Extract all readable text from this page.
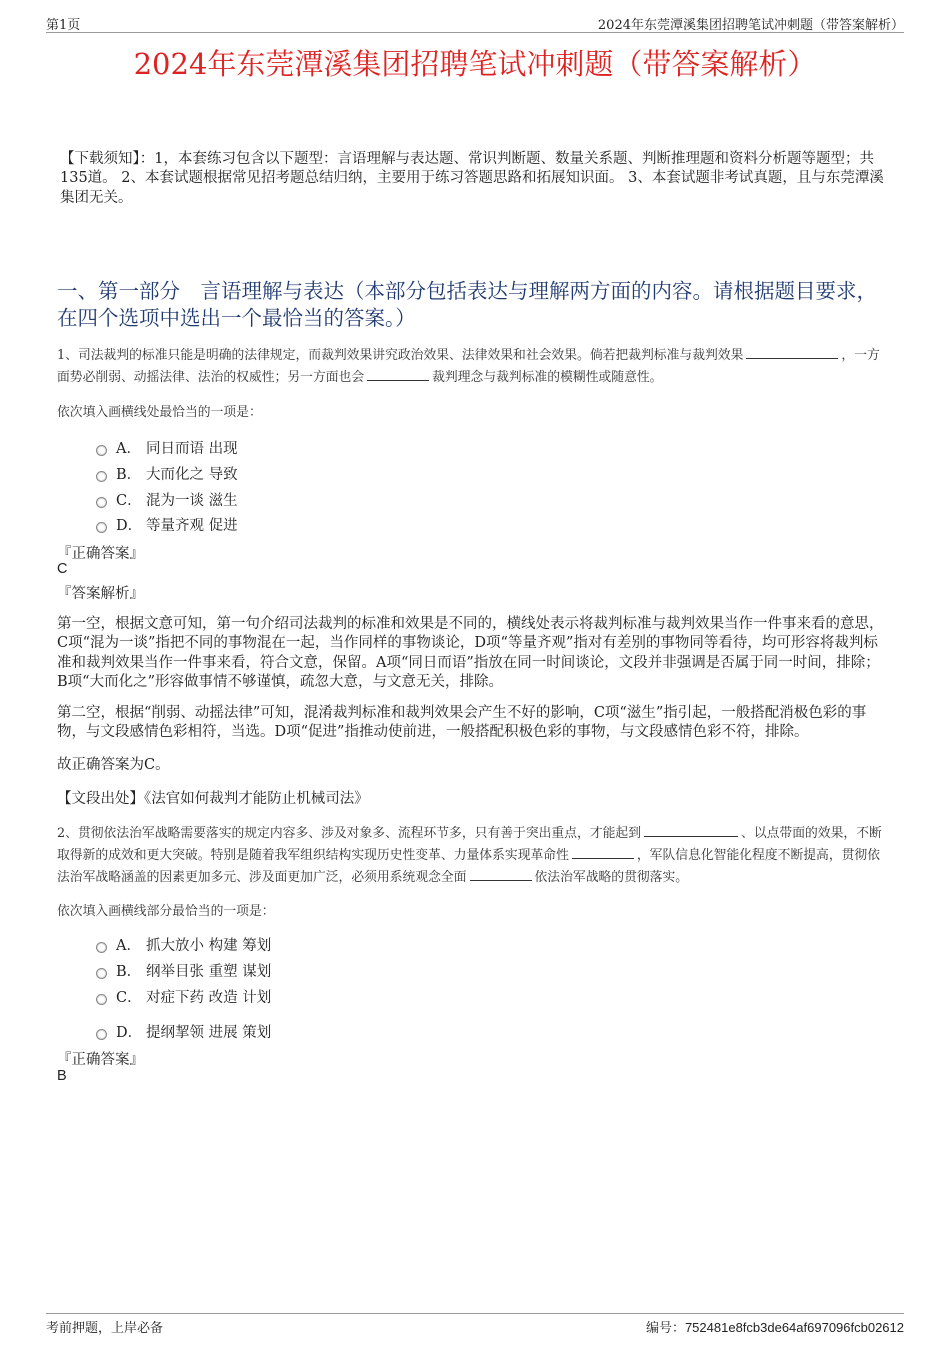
第1页	2024年东莞潭溪集团招聘笔试冲刺题（带答案解析）
2024年东莞潭溪集团招聘笔试冲刺题（带答案解析）
【下载须知】：1，本套练习包含以下题型：言语理解与表达题、常识判断题、数量关系题、判断推理题和资料分析题等题型；共135道。 2、本套试题根据常见招考题总结归纳，主要用于练习答题思路和拓展知识面。 3、本套试题非考试真题，且与东莞潭溪集团无关。
一、第一部分　言语理解与表达（本部分包括表达与理解两方面的内容。请根据题目要求，在四个选项中选出一个最恰当的答案。）
1、司法裁判的标准只能是明确的法律规定，而裁判效果讲究政治效果、法律效果和社会效果。倘若把裁判标准与裁判效果	，一方面势必削弱、动摇法律、法治的权威性；另一方面也会	裁判理念与裁判标准的模糊性或随意性。
依次填入画横线处最恰当的一项是：
A． 同日而语 出现
B． 大而化之 导致
C． 混为一谈 滋生
D． 等量齐观 促进
『正确答案』
C
『答案解析』
第一空，根据文意可知，第一句介绍司法裁判的标准和效果是不同的，横线处表示将裁判标准与裁判效果当作一件事来看的意思，C项“混为一谈”指把不同的事物混在一起，当作同样的事物谈论，D项“等量齐观”指对有差别的事物同等看待，均可形容将裁判标准和裁判效果当作一件事来看，符合文意，保留。A项“同日而语”指放在同一时间谈论，文段并非强调是否属于同一时间，排除；B项“大而化之”形容做事情不够谨慎，疏忽大意，与文意无关，排除。
第二空，根据“削弱、动摇法律”可知，混淆裁判标准和裁判效果会产生不好的影响，C项“滋生”指引起，一般搭配消极色彩的事物，与文段感情色彩相符，当选。D项“促进”指推动使前进，一般搭配积极色彩的事物，与文段感情色彩不符，排除。
故正确答案为C。
【文段出处】《法官如何裁判才能防止机械司法》
2、贯彻依法治军战略需要落实的规定内容多、涉及对象多、流程环节多，只有善于突出重点，才能起到	、以点带面的效果，不断取得新的成效和更大突破。特别是随着我军组织结构实现历史性变革、力量体系实现革命性	，军队信息化智能化程度不断提高，贯彻依法治军战略涵盖的因素更加多元、涉及面更加广泛，必须用系统观念全面	依法治军战略的贯彻落实。
依次填入画横线部分最恰当的一项是：
A． 抓大放小 构建 筹划
B． 纲举目张 重塑 谋划
C． 对症下药 改造 计划
D． 提纲挈领 进展 策划
『正确答案』
B
考前押题，上岸必备	编号：752481e8fcb3de64af697096fcb02612
